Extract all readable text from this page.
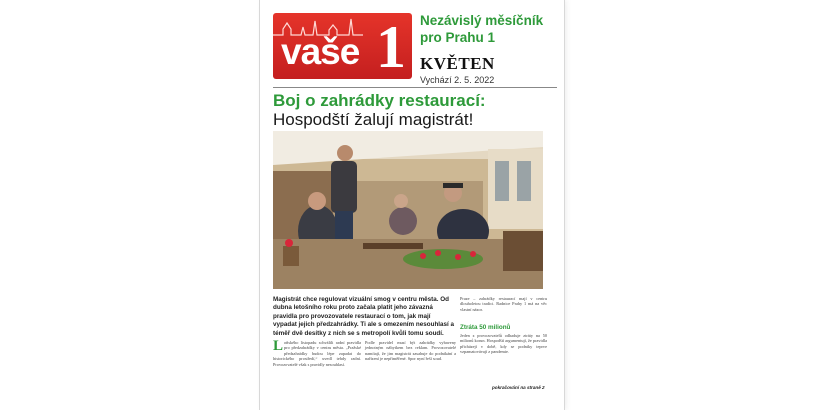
vaše 1 Nezávislý měsíčník
pro Prahu 1
KVĚTEN
Vychází 2. 5. 2022
Boj o zahrádky restaurací:
Hospodští žalují magistrát!
Magistrát chce regulovat vizuální smog v centru města. Od dubna letošního roku proto začala platit jeho závazná pravidla pro provozovatele restaurací o tom, jak mají vypadat jejich předzahrádky. Ti ale s omezením nesouhlasí a téměř dvě desítky z nich se s metropolí kvůli tomu soudí.
Loňského listopadu schválili radní pravidla pro předzahrádky v centru města. „Pražské předzahrádky budou lépe zapadat do historického prostředí,“ uvedl tehdy radní. Provozovatelé však s pravidly nesouhlasí.
Podle pravidel musí být zahrádky vybaveny jednotným nábytkem bez reklam. Provozovatelé namítají, že jim magistrát zasahuje do podnikání a nařízení je nepřiměřené. Spor nyní řeší soud.
Praze – zahrádky restaurací mají v centru dlouholetou tradici. Radnice Prahy 1 má na věc vlastní názor.
Ztráta 50 milionů
Jeden z provozovatelů odhaduje ztráty na 50 milionů korun. Hospodští argumentují, že pravidla přicházejí v době, kdy se podniky teprve vzpamatovávají z pandemie.
pokračování na straně 2
